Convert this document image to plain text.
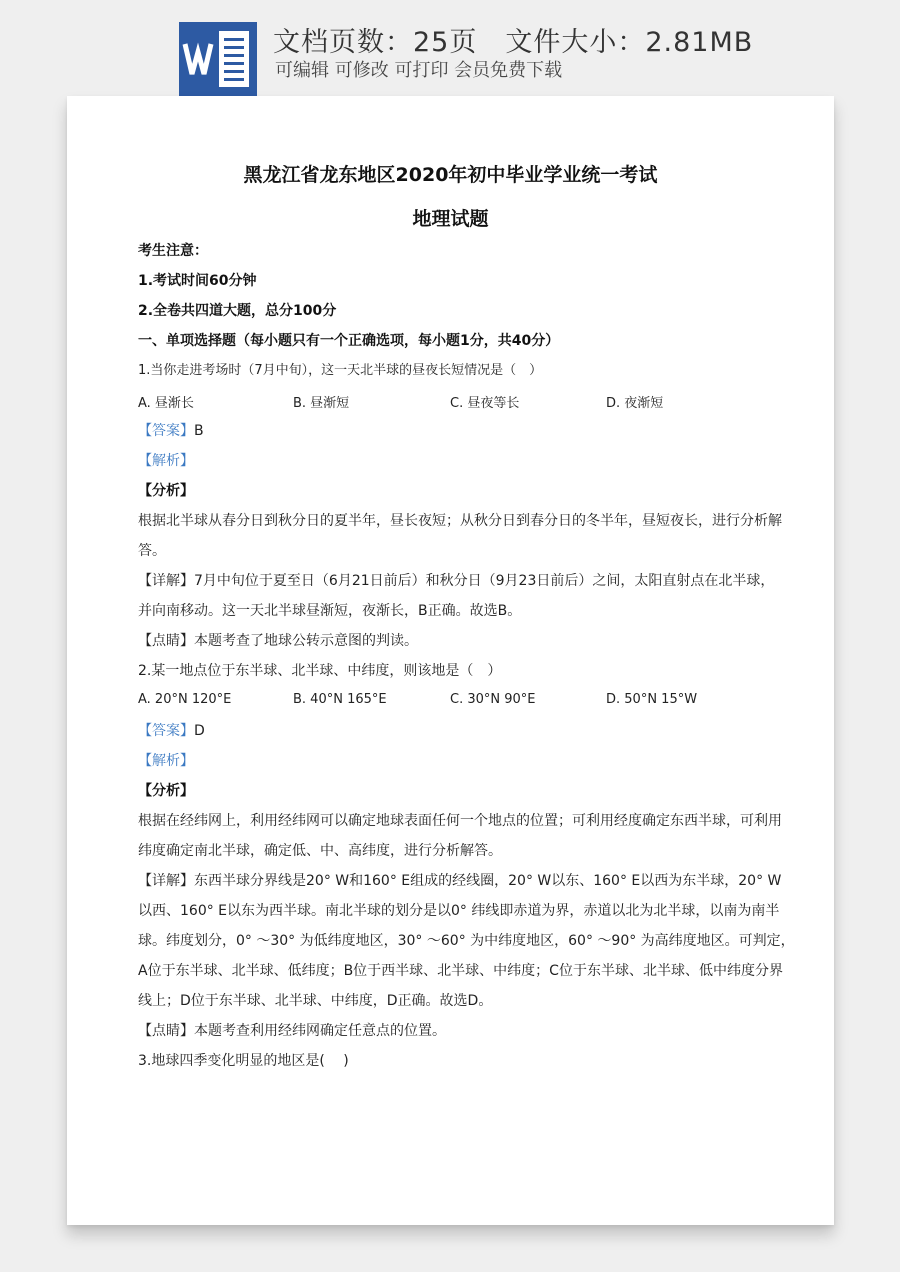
文档页数：25页　文件大小：2.81MB
可编辑 可修改 可打印 会员免费下载
黑龙江省龙东地区2020年初中毕业学业统一考试
地理试题
考生注意：
1.考试时间60分钟
2.全卷共四道大题，总分100分
一、单项选择题（每小题只有一个正确选项，每小题1分，共40分）
1.当你走进考场时（7月中旬），这一天北半球的昼夜长短情况是（　）
A. 昼渐长	B. 昼渐短	C. 昼夜等长	D. 夜渐短
【答案】B
【解析】
【分析】
根据北半球从春分日到秋分日的夏半年，昼长夜短；从秋分日到春分日的冬半年，昼短夜长，进行分析解
答。
【详解】7月中旬位于夏至日（6月21日前后）和秋分日（9月23日前后）之间，太阳直射点在北半球，
并向南移动。这一天北半球昼渐短，夜渐长，B正确。故选B。
【点睛】本题考查了地球公转示意图的判读。
2.某一地点位于东半球、北半球、中纬度，则该地是（　）
A. 20°N 120°E	B. 40°N 165°E	C. 30°N 90°E	D. 50°N 15°W
【答案】D
【解析】
【分析】
根据在经纬网上，利用经纬网可以确定地球表面任何一个地点的位置；可利用经度确定东西半球，可利用
纬度确定南北半球，确定低、中、高纬度，进行分析解答。
【详解】东西半球分界线是20° W和160° E组成的经线圈，20° W以东、160° E以西为东半球，20° W
以西、160° E以东为西半球。南北半球的划分是以0° 纬线即赤道为界，赤道以北为北半球，以南为南半
球。纬度划分，0° ～30° 为低纬度地区，30° ～60° 为中纬度地区，60° ～90° 为高纬度地区。可判定，
A位于东半球、北半球、低纬度；B位于西半球、北半球、中纬度；C位于东半球、北半球、低中纬度分界
线上；D位于东半球、北半球、中纬度，D正确。故选D。
【点睛】本题考查利用经纬网确定任意点的位置。
3.地球四季变化明显的地区是(　 )
